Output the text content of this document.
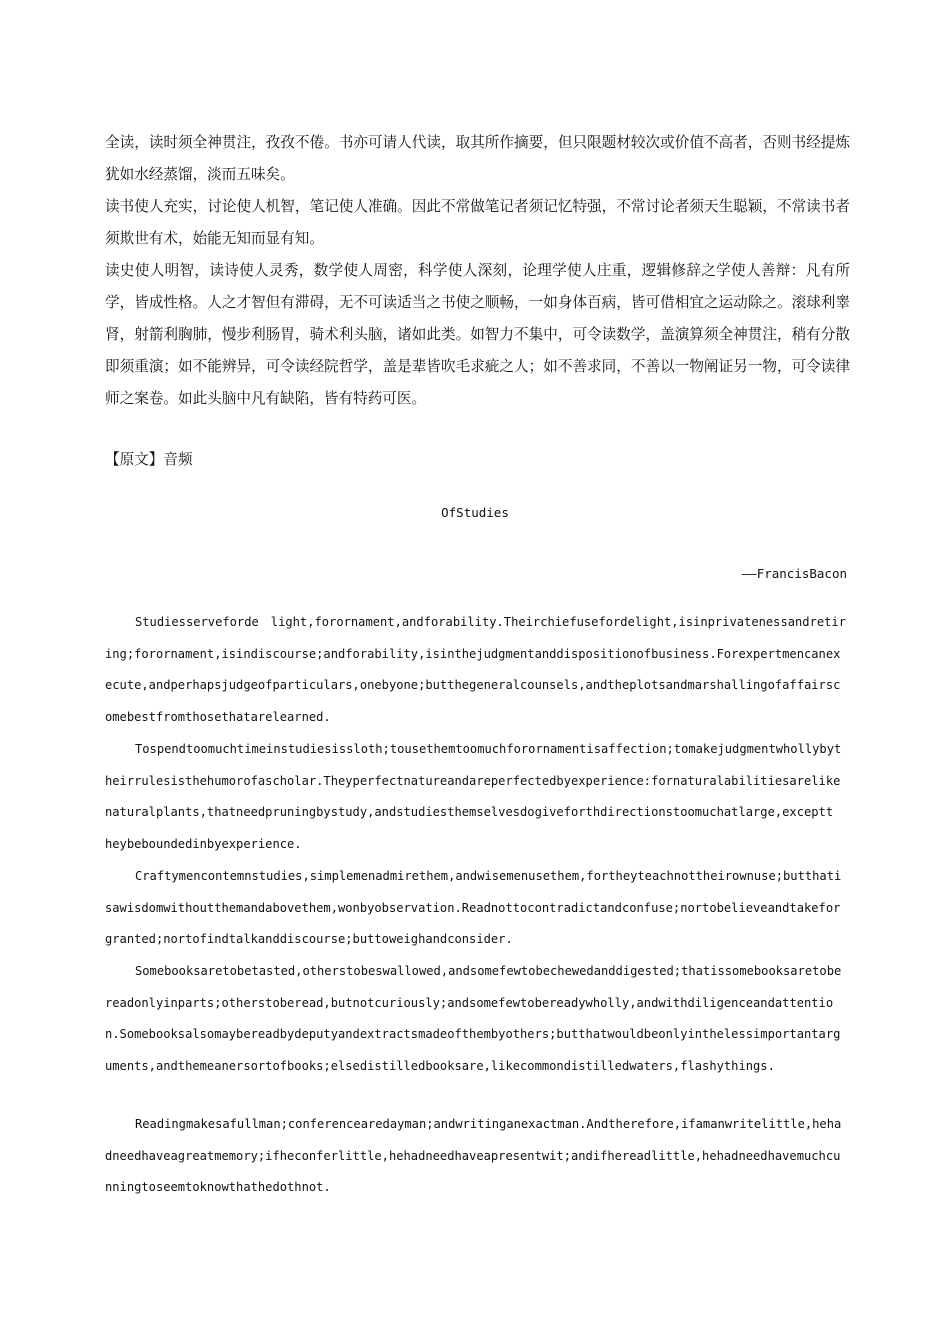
全读，读时须全神贯注，孜孜不倦。书亦可请人代读，取其所作摘要，但只限题材较次或价值不高者，否则书经提炼犹如水经蒸馏，淡而五味矣。

读书使人充实，讨论使人机智，笔记使人准确。因此不常做笔记者须记忆特强，不常讨论者须天生聪颖，不常读书者须欺世有术，始能无知而显有知。

读史使人明智，读诗使人灵秀，数学使人周密，科学使人深刻，论理学使人庄重，逻辑修辞之学使人善辩：凡有所学，皆成性格。人之才智但有滞碍，无不可读适当之书使之顺畅，一如身体百病，皆可借相宜之运动除之。滚球利睾肾，射箭利胸肺，慢步利肠胃，骑术利头脑，诸如此类。如智力不集中，可令读数学，盖演算须全神贯注，稍有分散即须重演；如不能辨异，可令读经院哲学，盖是辈皆吹毛求疵之人；如不善求同，不善以一物阐证另一物，可令读律师之案卷。如此头脑中凡有缺陷，皆有特药可医。

【原文】音频
OfStudies
——FrancisBacon

Studiesserveforde light,forornament,andforability.Theirchiefusefordelight,isinprivatenessandretiring;forornament,isindiscourse;andforability,isinthejudgmentanddispositionofbusiness.Forexpertmencanexecute,andperhapsjudgeofparticulars,onebyone;butthegeneralcounsels,andtheplotsandmarshallingofaffairscomebestfromthosethatarelearned.

Tospendtoomuchtimeinstudiesissloth;tousethemtoomuchforornamentisaffection;tomakejudgmentwhollybytheirrulesisthehumorofascholar.Theyperfectnatureandareperfectedbyexperience:fornaturalabilitiesarelikenaturalplants,thatneedpruningbystudy,andstudiesthemselvesdogiveforthdirectionstoomuchatlarge,exceptt heybeboundedinbyexperience.

Craftymencontemnstudies,simplemenadmirethem,andwisemenusethem,fortheyteachnottheirownuse;butthatisawisdomwithoutthemandabovethem,wonbyobservation.Readnottocontradictandconfuse;nortobelieveandtakeforgranted;nortofindtalkanddiscourse;buttoweighandconsider.

Somebooksaretobetasted,otherstobeswallowed,andsomefewtobechewedanddigested;thatissomebooksaretobereadonlyinparts;otherstoberead,butnotcuriously;andsomefewtobereadywholly,andwithdiligenceandattention.Somebooksalsomaybereadbydeputyandextractsmadeofthembyothers;butthatwouldbeonlyinthelessimportantarguments,andthemeanersortofbooks;elsedistilledbooksare,likecommondistilledwaters,flashythings.

Readingmakesafullman;conferencearedayman;andwritinganexactman.Andtherefore,ifamanwritelittle,hehadneedhaveagreatmemory;ifheconferlittle,hehadneedhaveapresentwit;andifhereadlittle,hehadneedhavemuchcunningtoseemtoknowthathedothnot.
